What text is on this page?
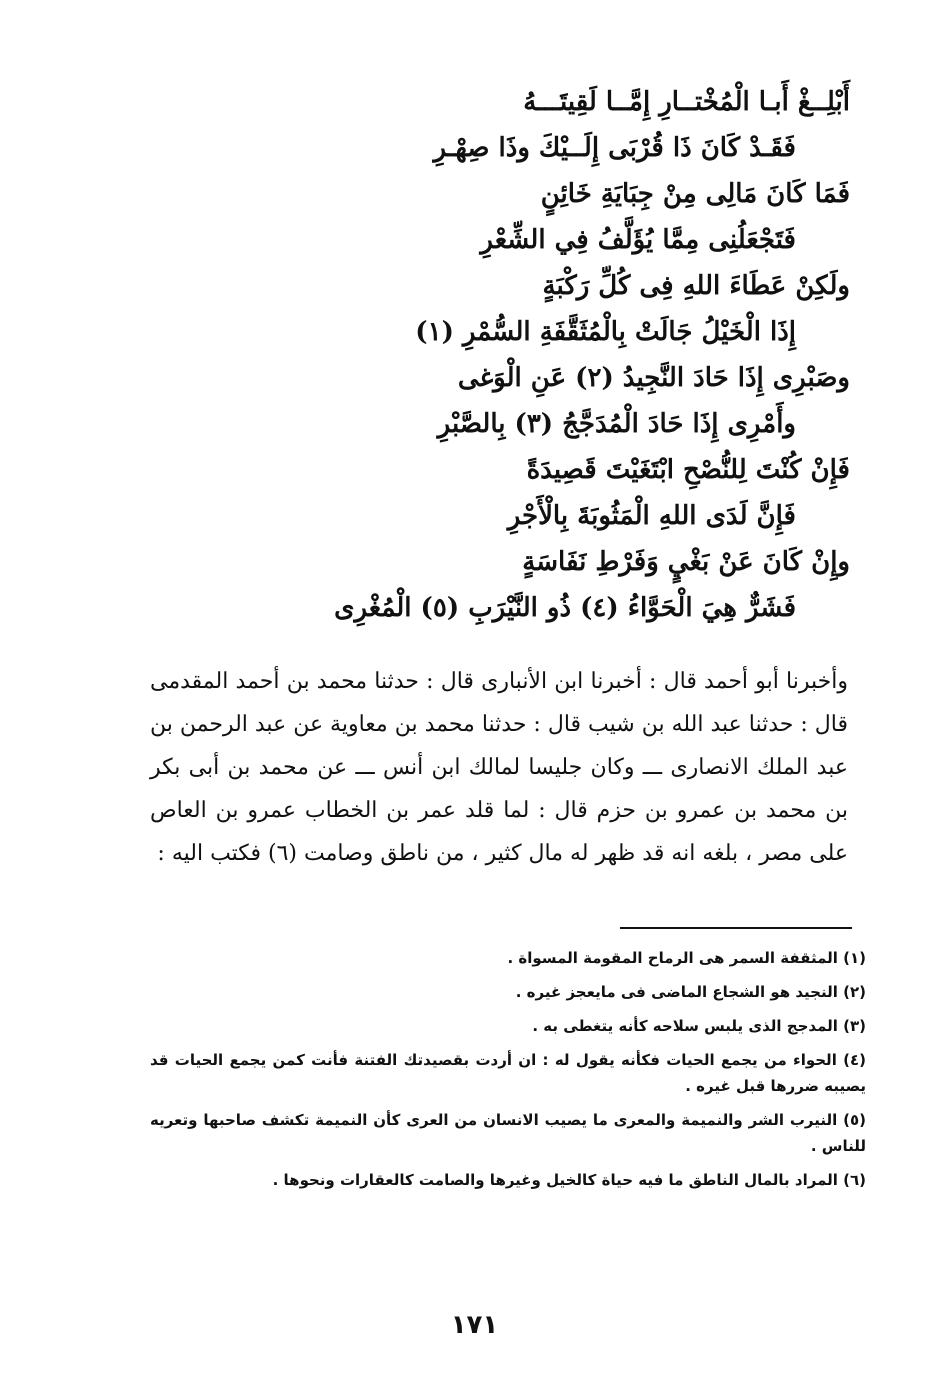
أَبْلِــغْ أَبـا الْمُخْتــارِ إِمَّــا لَقِيتَـــهُ
فَقَـدْ كَانَ ذَا قُرْبَى إِلَــيْكَ وذَا صِهْـرِ
فَمَا كَانَ مَالِى مِنْ جِبَايَةِ خَائِنٍ
فَتَجْعَلُنِى مِمَّا يُؤَلَّفُ فِي الشِّعْرِ
ولَكِنْ عَطَاءَ اللهِ فِى كُلِّ رَكْبَةٍ
إِذَا الْخَيْلُ جَالَتْ بِالْمُثَقَّفَةِ السُّمْرِ (١)
وصَبْرِى إِذَا حَادَ النَّجِيدُ (٢) عَنِ الْوَغى
وأَمْرِى إِذَا حَادَ الْمُدَجَّجُ (٣) بِالصَّبْرِ
فَإِنْ كُنْتَ لِلنُّصْحِ ابْتَغَيْتَ قَصِيدَةً
فَإِنَّ لَدَى اللهِ الْمَثُوبَةَ بِالْأَجْرِ
وإِنْ كَانَ عَنْ بَغْيٍ وَفَرْطِ نَفَاسَةٍ
فَشَرٌّ هِيَ الْحَوَّاءُ (٤) ذُو النَّيْرَبِ (٥) الْمُغْرِى
وأخبرنا أبو أحمد قال : أخبرنا ابن الأنبارى قال : حدثنا محمد بن أحمد المقدمى قال : حدثنا عبد الله بن شيب قال : حدثنا محمد بن معاوية عن عبد الرحمن بن عبد الملك الانصارى ـــ وكان جليسا لمالك ابن أنس ـــ عن محمد بن أبى بكر بن محمد بن عمرو بن حزم قال : لما قلد عمر بن الخطاب عمرو بن العاص على مصر ، بلغه انه قد ظهر له مال كثير ، من ناطق وصامت (٦) فكتب اليه :
(١) المثقفة السمر هى الرماح المقومة المسواة .
(٢) النجيد هو الشجاع الماضى فى مايعجز غيره .
(٣) المدجج الذى يلبس سلاحه كأنه يتغطى به .
(٤) الحواء من يجمع الحيات فكأنه يقول له : ان أردت بقصيدتك الفتنة فأنت كمن يجمع الحيات قد يصيبه ضررها قبل غيره .
(٥) النيرب الشر والنميمة والمعرى ما يصيب الانسان من العرى كأن النميمة تكشف صاحبها وتعريه للناس .
(٦) المراد بالمال الناطق ما فيه حياة كالخيل وغيرها والصامت كالعقارات ونحوها .
١٧١
